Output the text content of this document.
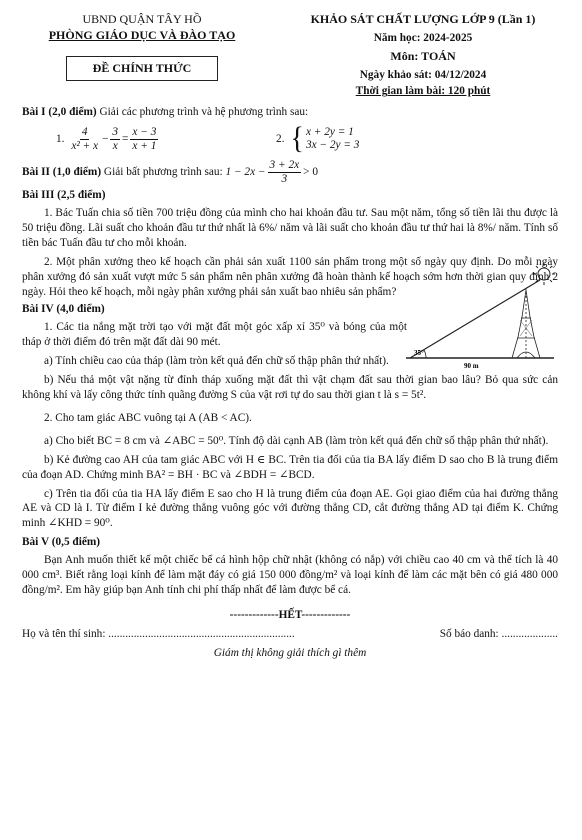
UBND QUẬN TÂY HỒ
PHÒNG GIÁO DỤC VÀ ĐÀO TẠO
ĐỀ CHÍNH THỨC
KHẢO SÁT CHẤT LƯỢNG LỚP 9 (Lần 1)
Năm học: 2024-2025
Môn: TOÁN
Ngày khảo sát: 04/12/2024
Thời gian làm bài: 120 phút

Bài I (2,0 điểm) Giải các phương trình và hệ phương trình sau:

1.
$\frac{4}{\text{x² + x}} - \frac{3}{x} = \frac{x - 3}{x + 1}$	2. { x + 2y = 1
3x − 2y = 3

Bài II (1,0 điểm) Giải bất phương trình sau: $1 - 2x - \frac{3 + 2x}{3} > 0$

Bài III (2,5 điểm)

1. Bác Tuấn chia số tiền 700 triệu đồng của mình cho hai khoản đầu tư. Sau một năm, tổng số tiền lãi thu được là 50 triệu đồng. Lãi suất cho khoản đầu tư thứ nhất là 6%/ năm và lãi suất cho khoản đầu tư thứ hai là 8%/ năm. Tính số tiền bác Tuấn đầu tư cho mỗi khoản.

2. Một phân xưởng theo kế hoạch cần phải sản xuất 1100 sản phẩm trong một số ngày quy định. Do mỗi ngày phân xưởng đó sản xuất vượt mức 5 sản phẩm nên phân xưởng đã hoàn thành kế hoạch sớm hơn thời gian quy định 2 ngày. Hỏi theo kế hoạch, mỗi ngày phân xưởng phải sản xuất bao nhiêu sản phẩm?

Bài IV (4,0 điểm)

1. Các tia nắng mặt trời tạo với mặt đất một góc xấp xỉ 35⁰ và bóng của một tháp ở thời điểm đó trên mặt đất dài 90 mét.

a) Tính chiều cao của tháp (làm tròn kết quả đến chữ số thập phân thứ nhất).

b) Nếu thả một vật nặng từ đỉnh tháp xuống mặt đất thì vật chạm đất sau thời gian bao lâu? Bỏ qua sức cản không khí và lấy công thức tính quãng đường S của vật rơi tự do sau thời gian t là s = 5t².

2. Cho tam giác ABC vuông tại A (AB < AC).

a) Cho biết BC = 8 cm và ∠ABC = 50⁰. Tính độ dài cạnh AB (làm tròn kết quả đến chữ số thập phân thứ nhất).

b) Kẻ đường cao AH của tam giác ABC với H ∈ BC. Trên tia đối của tia BA lấy điểm D sao cho B là trung điểm của đoạn AD. Chứng minh BA² = BH · BC và ∠BDH = ∠BCD.

c) Trên tia đối của tia HA lấy điểm E sao cho H là trung điểm của đoạn AE. Gọi giao điểm của hai đường thẳng AE và CD là I. Từ điểm I kẻ đường thẳng vuông góc với đường thẳng CD, cắt đường thẳng AD tại điểm K. Chứng minh ∠KHD = 90⁰.

Bài V (0,5 điểm)

Bạn Anh muốn thiết kế một chiếc bể cá hình hộp chữ nhật (không có nắp) với chiều cao 40 cm và thể tích là 40 000 cm³. Biết rằng loại kính để làm mặt đáy có giá 150 000 đồng/m² và loại kính để làm các mặt bên có giá 480 000 đồng/m². Em hãy giúp bạn Anh tính chi phí thấp nhất để làm được bể cá.

-------------HẾT-------------
Họ và tên thí sinh: ..................................................................	Số báo danh: ....................
Giám thị không giải thích gì thêm
35°
90 m
